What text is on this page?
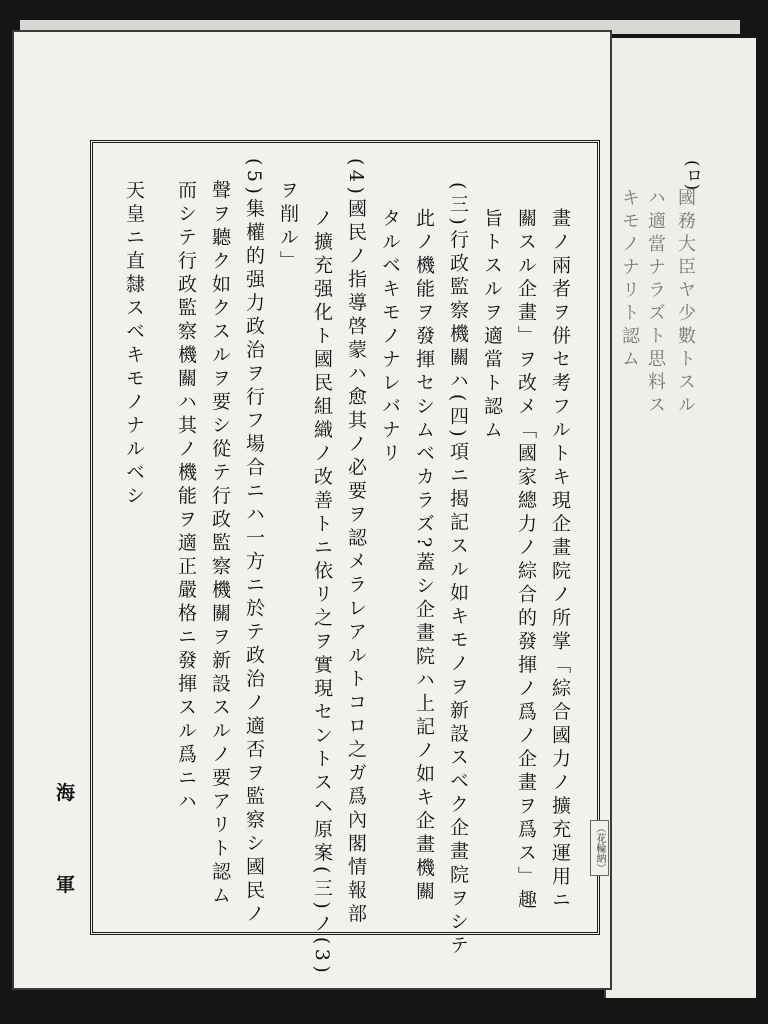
(ロ)
國務大臣ヤ少數トスル
ハ適當ナラズト思料ス
キモノナリト認ム
畫ノ兩者ヲ併セ考フルトキ現企畫院ノ所掌「綜合國力ノ擴充運用ニ
關スル企畫」ヲ改メ「國家總力ノ綜合的發揮ノ爲ノ企畫ヲ爲ス」趣
旨トスルヲ適當ト認ム
(三)行政監察機關ハ(四)項ニ揭記スル如キモノヲ新設スベク企畫院ヲシテ
此ノ機能ヲ發揮セシムベカラズ?蓋シ企畫院ハ上記ノ如キ企畫機關
タルベキモノナレバナリ
(4)國民ノ指導啓蒙ハ愈其ノ必要ヲ認メラレアルトコロ之ガ爲內閣情報部
ノ擴充强化ト國民組織ノ改善トニ依リ之ヲ實現セントスヘ原案(三)ノ(3)
ヲ削ル」
(5)集權的强力政治ヲ行フ場合ニハ一方ニ於テ政治ノ適否ヲ監察シ國民ノ
聲ヲ聽ク如クスルヲ要シ從テ行政監察機關ヲ新設スルノ要アリト認ム
而シテ行政監察機關ハ其ノ機能ヲ適正嚴格ニ發揮スル爲ニハ
天皇ニ直隸スベキモノナルベシ
海
軍
（花輪納）
